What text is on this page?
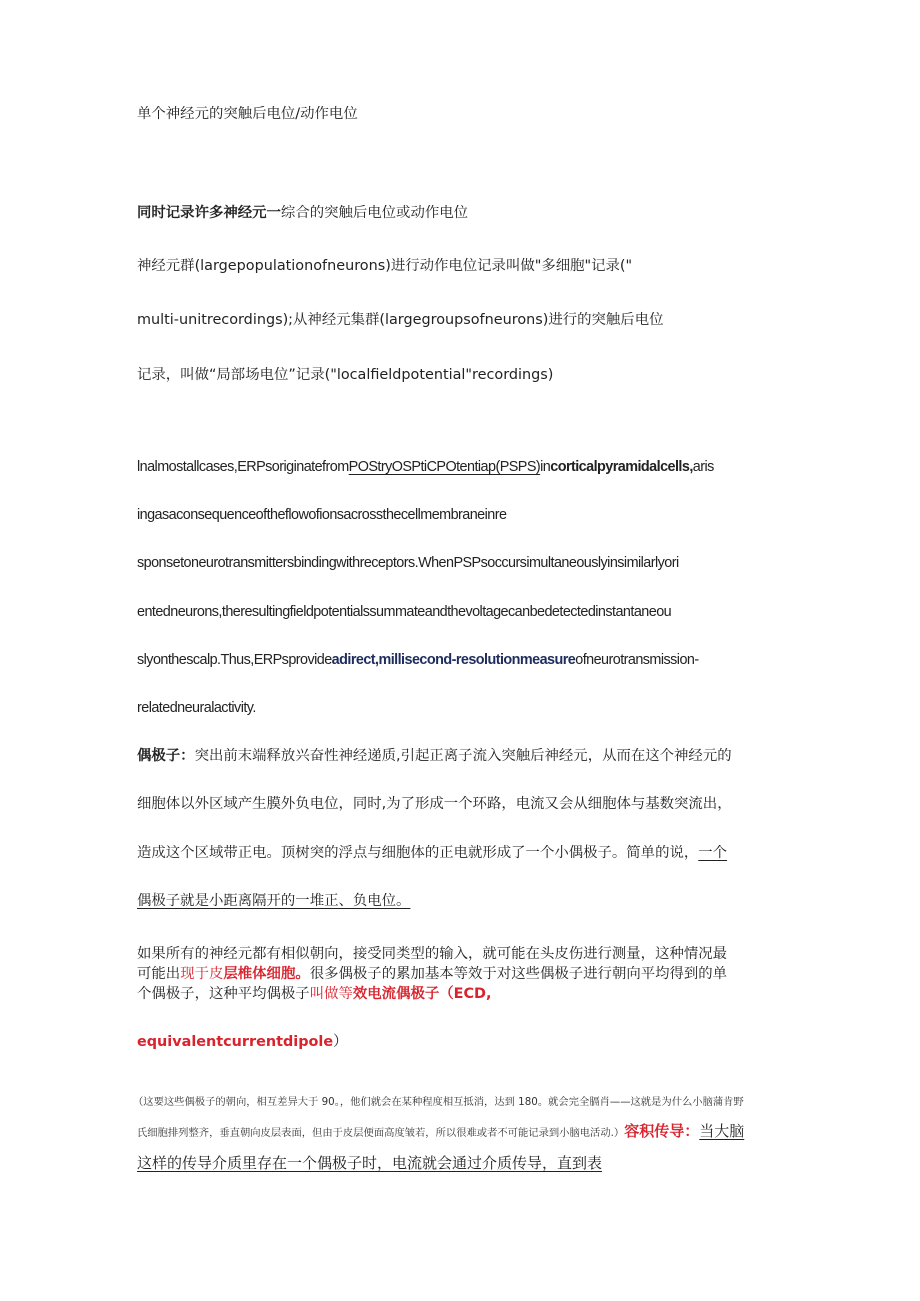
单个神经元的突触后电位/动作电位
同时记录许多神经元一综合的突触后电位或动作电位
神经元群(largepopulationofneurons)进行动作电位记录叫做"多细胞"记录("
multi-unitrecordings);从神经元集群(largegroupsofneurons)进行的突触后电位
记录，叫做“局部场电位”记录("localfieldpotential"recordings)
lnalmostallcases,ERPsoriginatefromPOStryOSPtiCPOtentiap(PSPS)incorticalpyramidalcells,aris
ingasaconsequenceoftheflowofionsacrossthecellmembraneinre
sponsetoneurotransmittersbindingwithreceptors.WhenPSPsoccursimultaneouslyinsimilarlyori
entedneurons,theresultingfieldpotentialssummateandthevoltagecanbedetectedinstantaneou
slyonthescalp.Thus,ERPsprovideadirect,millisecond-resolutionmeasureofneurotransmission-
relatedneuralactivity.
偶极子：突出前末端释放兴奋性神经递质,引起正离子流入突触后神经元，从而在这个神经元的
细胞体以外区域产生膜外负电位，同时,为了形成一个环路，电流又会从细胞体与基数突流出，
造成这个区域带正电。顶树突的浮点与细胞体的正电就形成了一个小偶极子。简单的说，一个
偶极子就是小距离隔开的一堆正、负电位。
如果所有的神经元都有相似朝向，接受同类型的输入，就可能在头皮伤进行测量，这种情况最
可能出现于皮层椎体细胞。很多偶极子的累加基本等效于对这些偶极子进行朝向平均得到的单
个偶极子，这种平均偶极子叫做等效电流偶极子（ECD,
equivalentcurrentdipole）
（这要这些偶极子的朝向，相互差异大于 90。，他们就会在某种程度相互抵消，达到 180。就会完全膈肖——这就是为什么小脑蒲肯野
氏细胞排列整齐，垂直朝向皮层表面，但由于皮层便面高度皱若，所以很难或者不可能记录到小脑电活动.）容积传导：当大脑
这样的传导介质里存在一个偶极子时，电流就会通过介质传导，直到表
